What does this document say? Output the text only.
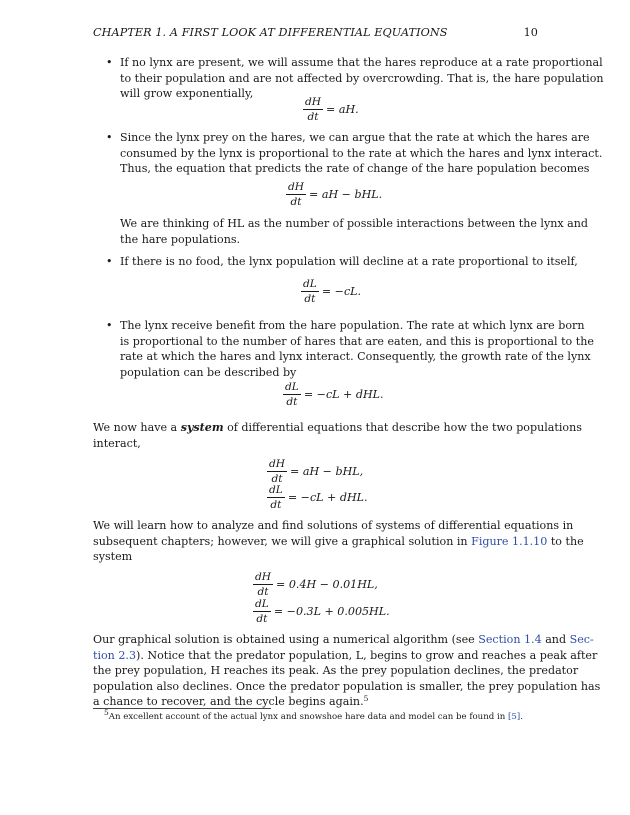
CHAPTER 1. A FIRST LOOK AT DIFFERENTIAL EQUATIONS	10
• If no lynx are present, we will assume that the hares reproduce at a rate proportional
to their population and are not affected by overcrowding. That is, the hare population
will grow exponentially,
$\frac{dH}{dt}$ = aH.
• Since the lynx prey on the hares, we can argue that the rate at which the hares are
consumed by the lynx is proportional to the rate at which the hares and lynx interact.
Thus, the equation that predicts the rate of change of the hare population becomes
$\frac{dH}{dt}$ = aH − bHL.
We are thinking of HL as the number of possible interactions between the lynx and
the hare populations.
• If there is no food, the lynx population will decline at a rate proportional to itself,
$\frac{dL}{dt} = -cL$.
• The lynx receive benefit from the hare population. The rate at which lynx are born
is proportional to the number of hares that are eaten, and this is proportional to the
rate at which the hares and lynx interact. Consequently, the growth rate of the lynx
population can be described by
$\frac{dL}{dt} = -cL$ + dHL.
We now have a system of differential equations that describe how the two populations
interact,
$\frac{dH}{dt}$ = aH − bHL,
$\frac{dL}{dt} = -cL$ + dHL.
We will learn how to analyze and find solutions of systems of differential equations in
subsequent chapters; however, we will give a graphical solution in Figure 1.1.10 to the
system
$\frac{dH}{dt} = 0.4H - 0.01HL$,
$\frac{dL}{dt} = -0.3L + 0.005HL$.
Our graphical solution is obtained using a numerical algorithm (see Section 1.4 and Sec-
tion 2.3). Notice that the predator population, L, begins to grow and reaches a peak after
the prey population, H reaches its peak. As the prey population declines, the predator
population also declines. Once the predator population is smaller, the prey population has
a chance to recover, and the cycle begins again.$^5$
$^5$An excellent account of the actual lynx and snowshoe hare data and model can be found in [5].
